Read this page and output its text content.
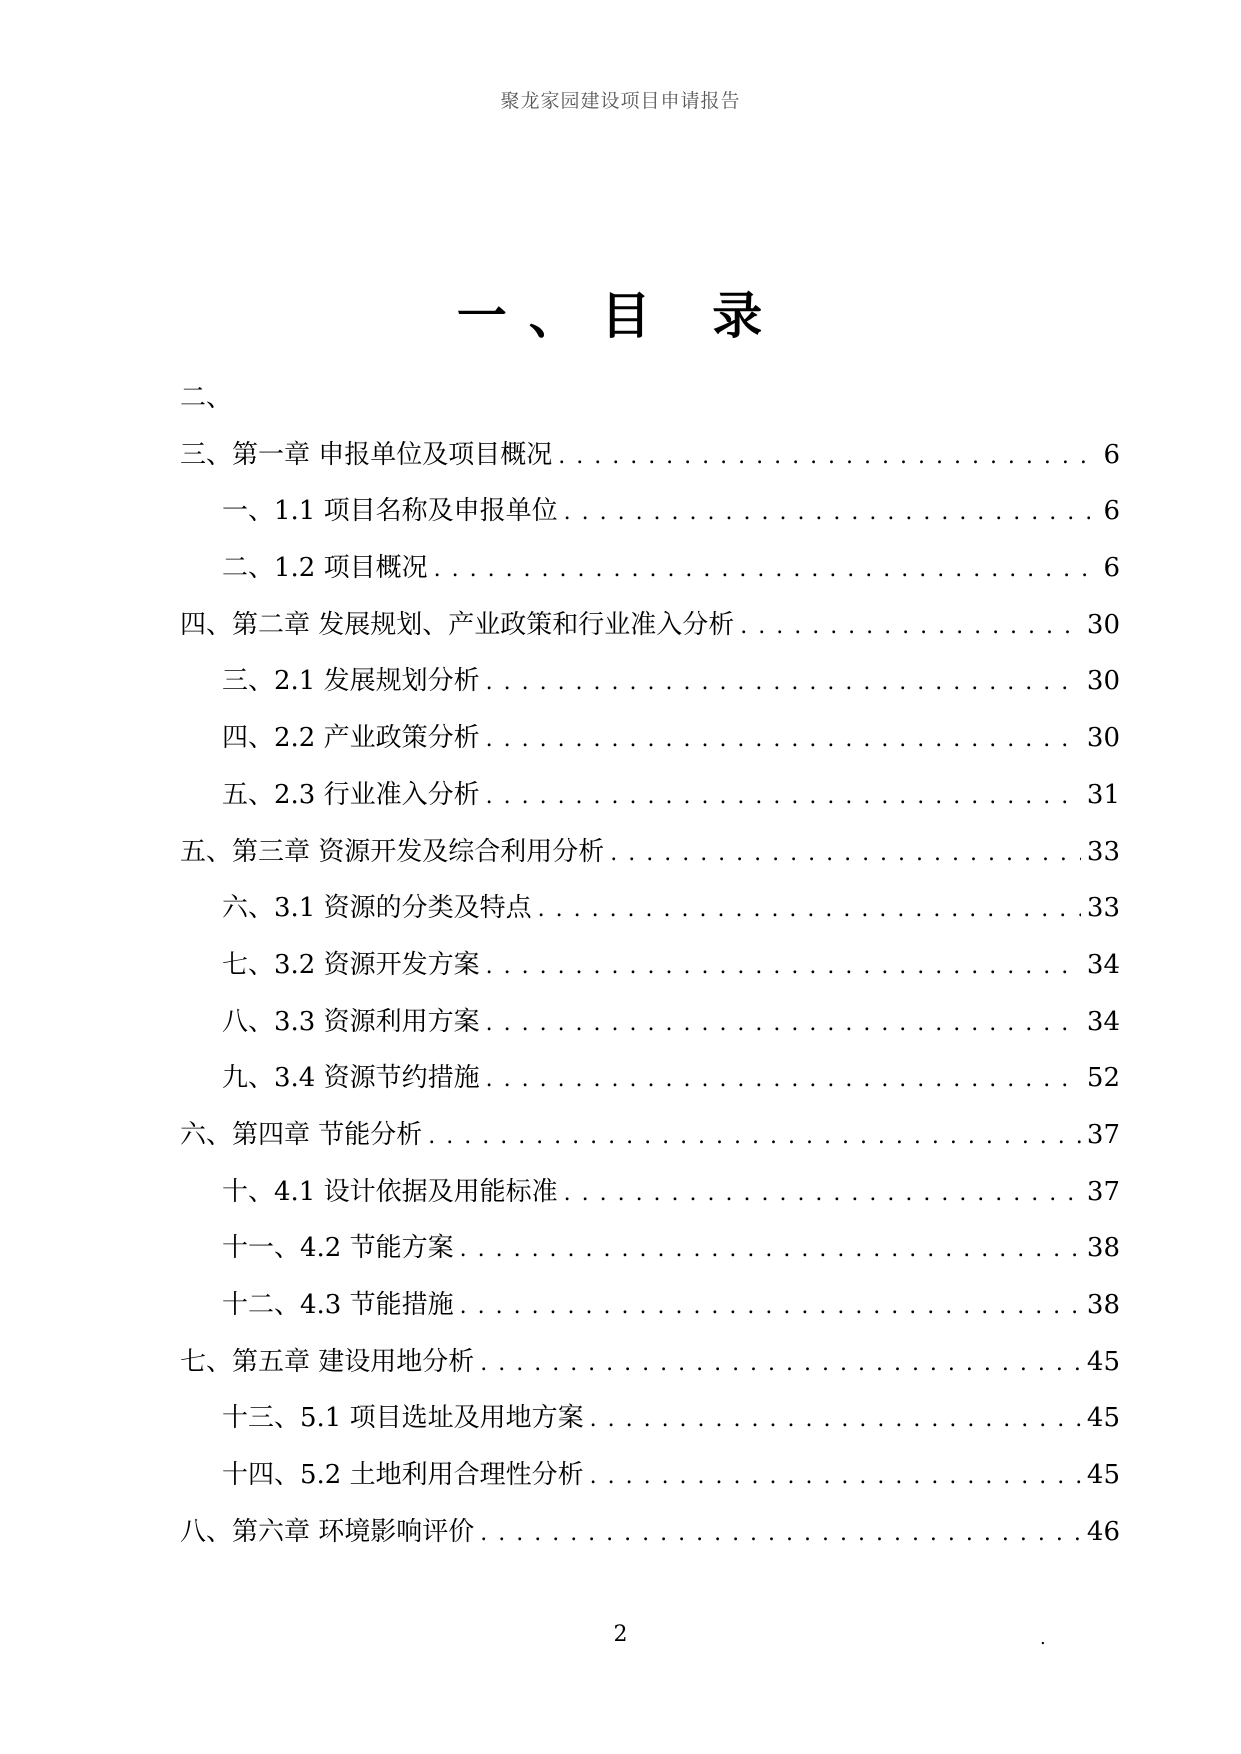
聚龙家园建设项目申请报告
一、目 录
二、
三、第一章 申报单位及项目概况 . . .	6
一、1.1 项目名称及申报单位 . . .	6
二、1.2 项目概况 . . .	6
四、第二章 发展规划、产业政策和行业准入分析 . . .	30
三、2.1 发展规划分析 . . .	30
四、2.2 产业政策分析 . . .	30
五、2.3 行业准入分析 . . .	31
五、第三章 资源开发及综合利用分析 . . .	33
六、3.1 资源的分类及特点 . . .	33
七、3.2 资源开发方案 . . .	34
八、3.3 资源利用方案 . . .	34
九、3.4 资源节约措施 . . .	52
六、第四章 节能分析 . . .	37
十、4.1 设计依据及用能标准 . . .	37
十一、4.2 节能方案 . . .	38
十二、4.3 节能措施 . . .	38
七、第五章 建设用地分析 . . .	45
十三、5.1 项目选址及用地方案 . . .	45
十四、5.2 土地利用合理性分析 . . .	45
八、第六章 环境影响评价 . . .	46
2	.
